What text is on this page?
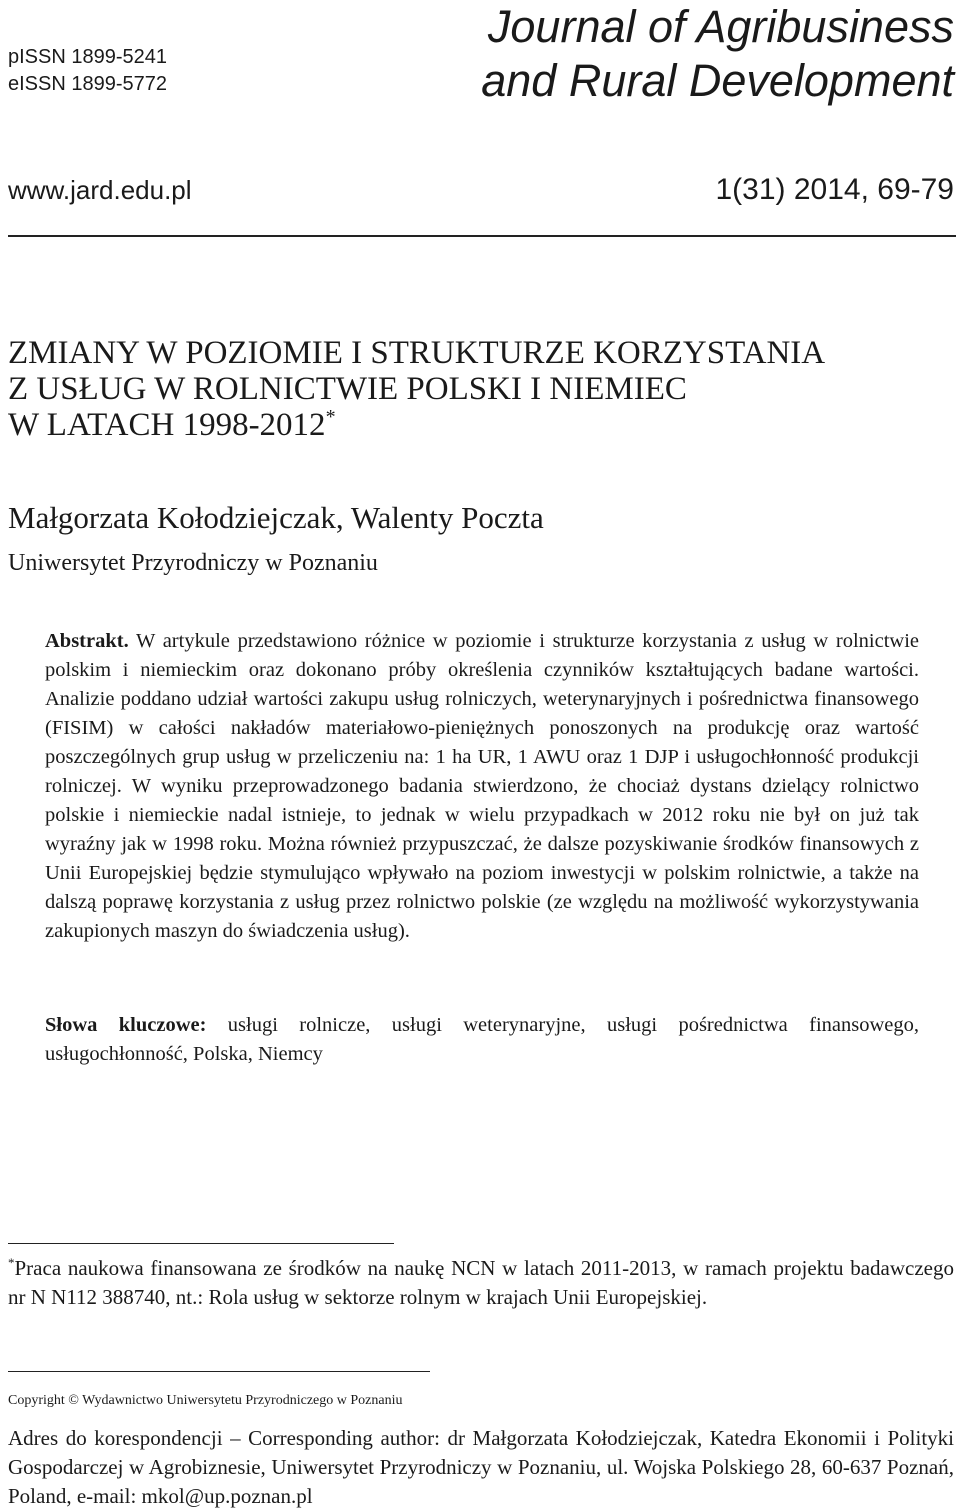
pISSN 1899-5241
eISSN 1899-5772
Journal of Agribusiness
and Rural Development
www.jard.edu.pl	1(31) 2014, 69-79
ZMIANY W POZIOMIE I STRUKTURZE KORZYSTANIA
Z USŁUG W ROLNICTWIE POLSKI I NIEMIEC
W LATACH 1998-2012*
Małgorzata Kołodziejczak, Walenty Poczta
Uniwersytet Przyrodniczy w Poznaniu
Abstrakt. W artykule przedstawiono różnice w poziomie i strukturze korzystania z usług w rolnictwie polskim i niemieckim oraz dokonano próby określenia czynników kształtujących badane wartości. Analizie poddano udział wartości zakupu usług rolniczych, weterynaryjnych i pośrednictwa finansowego (FISIM) w całości nakładów materiałowo-pieniężnych ponoszonych na produkcję oraz wartość poszczególnych grup usług w przeliczeniu na: 1 ha UR, 1 AWU oraz 1 DJP i usługochłonność produkcji rolniczej. W wyniku przeprowadzonego badania stwierdzono, że chociaż dystans dzielący rolnictwo polskie i niemieckie nadal istnieje, to jednak w wielu przypadkach w 2012 roku nie był on już tak wyraźny jak w 1998 roku. Można również przypuszczać, że dalsze pozyskiwanie środków finansowych z Unii Europejskiej będzie stymulująco wpływało na poziom inwestycji w polskim rolnictwie, a także na dalszą poprawę korzystania z usług przez rolnictwo polskie (ze względu na możliwość wykorzystywania zakupionych maszyn do świadczenia usług).
Słowa kluczowe: usługi rolnicze, usługi weterynaryjne, usługi pośrednictwa finansowego, usługochłonność, Polska, Niemcy
*Praca naukowa finansowana ze środków na naukę NCN w latach 2011-2013, w ramach projektu badawczego nr N N112 388740, nt.: Rola usług w sektorze rolnym w krajach Unii Europejskiej.
Copyright © Wydawnictwo Uniwersytetu Przyrodniczego w Poznaniu
Adres do korespondencji – Corresponding author: dr Małgorzata Kołodziejczak, Katedra Ekonomii i Polityki Gospodarczej w Agrobiznesie, Uniwersytet Przyrodniczy w Poznaniu, ul. Wojska Polskiego 28, 60-637 Poznań, Poland, e-mail: mkol@up.poznan.pl
